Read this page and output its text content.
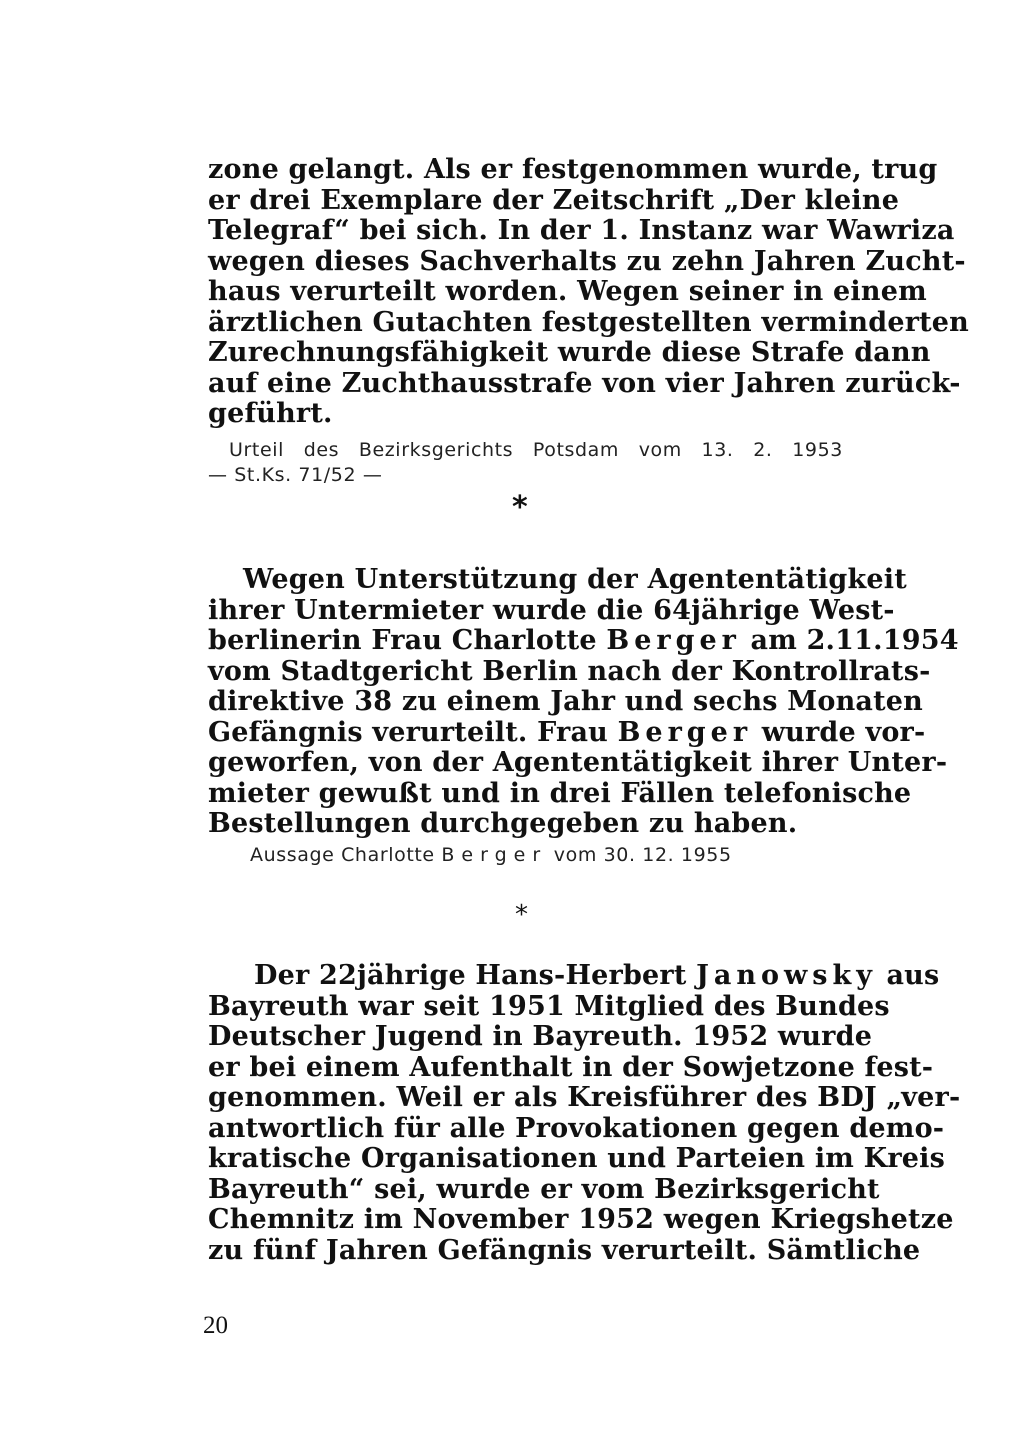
zone gelangt. Als er festgenommen wurde, trug
er drei Exemplare der Zeitschrift „Der kleine
Telegraf“ bei sich. In der 1. Instanz war Wawriza
wegen dieses Sachverhalts zu zehn Jahren Zucht-
haus verurteilt worden. Wegen seiner in einem
ärztlichen Gutachten festgestellten verminderten
Zurechnungsfähigkeit wurde diese Strafe dann
auf eine Zuchthausstrafe von vier Jahren zurück-
geführt.
Urteil des Bezirksgerichts Potsdam vom 13. 2. 1953
— St.Ks. 71/52 —
*
Wegen Unterstützung der Agententätigkeit
ihrer Untermieter wurde die 64jährige West-
berlinerin Frau Charlotte Berger am 2.11.1954
vom Stadtgericht Berlin nach der Kontrollrats-
direktive 38 zu einem Jahr und sechs Monaten
Gefängnis verurteilt. Frau Berger wurde vor-
geworfen, von der Agententätigkeit ihrer Unter-
mieter gewußt und in drei Fällen telefonische
Bestellungen durchgegeben zu haben.
Aussage Charlotte Berger vom 30. 12. 1955
*
Der 22jährige Hans-Herbert Janowsky aus
Bayreuth war seit 1951 Mitglied des Bundes
Deutscher Jugend in Bayreuth. 1952 wurde
er bei einem Aufenthalt in der Sowjetzone fest-
genommen. Weil er als Kreisführer des BDJ „ver-
antwortlich für alle Provokationen gegen demo-
kratische Organisationen und Parteien im Kreis
Bayreuth“ sei, wurde er vom Bezirksgericht
Chemnitz im November 1952 wegen Kriegshetze
zu fünf Jahren Gefängnis verurteilt. Sämtliche
20
